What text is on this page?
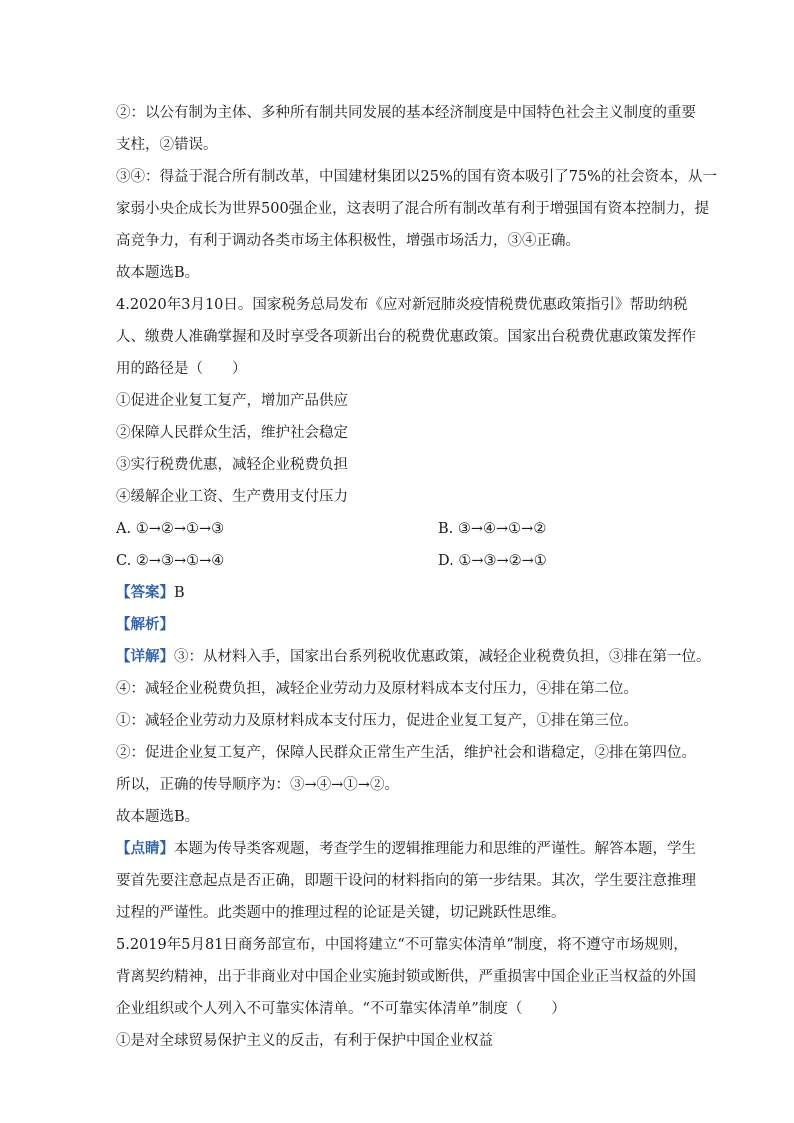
②：以公有制为主体、多种所有制共同发展的基本经济制度是中国特色社会主义制度的重要
支柱，②错误。
③④：得益于混合所有制改革，中国建材集团以25%的国有资本吸引了75%的社会资本，从一
家弱小央企成长为世界500强企业，这表明了混合所有制改革有利于增强国有资本控制力，提
高竞争力，有利于调动各类市场主体积极性，增强市场活力，③④正确。
故本题选B。
4.2020年3月10日。国家税务总局发布《应对新冠肺炎疫情税费优惠政策指引》帮助纳税
人、缴费人准确掌握和及时享受各项新出台的税费优惠政策。国家出台税费优惠政策发挥作
用的路径是（　　）
①促进企业复工复产，增加产品供应
②保障人民群众生活，维护社会稳定
③实行税费优惠，减轻企业税费负担
④缓解企业工资、生产费用支付压力
A. ①→②→①→③	B. ③→④→①→②
C. ②→③→①→④	D. ①→③→②→①
【答案】B
【解析】
【详解】③：从材料入手，国家出台系列税收优惠政策，减轻企业税费负担，③排在第一位。
④：减轻企业税费负担，减轻企业劳动力及原材料成本支付压力，④排在第二位。
①：减轻企业劳动力及原材料成本支付压力，促进企业复工复产，①排在第三位。
②：促进企业复工复产，保障人民群众正常生产生活，维护社会和谐稳定，②排在第四位。
所以，正确的传导顺序为：③→④→①→②。
故本题选B。
【点睛】本题为传导类客观题，考查学生的逻辑推理能力和思维的严谨性。解答本题，学生
要首先要注意起点是否正确，即题干设问的材料指向的第一步结果。其次，学生要注意推理
过程的严谨性。此类题中的推理过程的论证是关键，切记跳跃性思维。
5.2019年5月81日商务部宣布，中国将建立“不可靠实体清单”制度，将不遵守市场规则，
背离契约精神，出于非商业对中国企业实施封锁或断供，严重损害中国企业正当权益的外国
企业组织或个人列入不可靠实体清单。“不可靠实体清单”制度（　　）
①是对全球贸易保护主义的反击，有利于保护中国企业权益
